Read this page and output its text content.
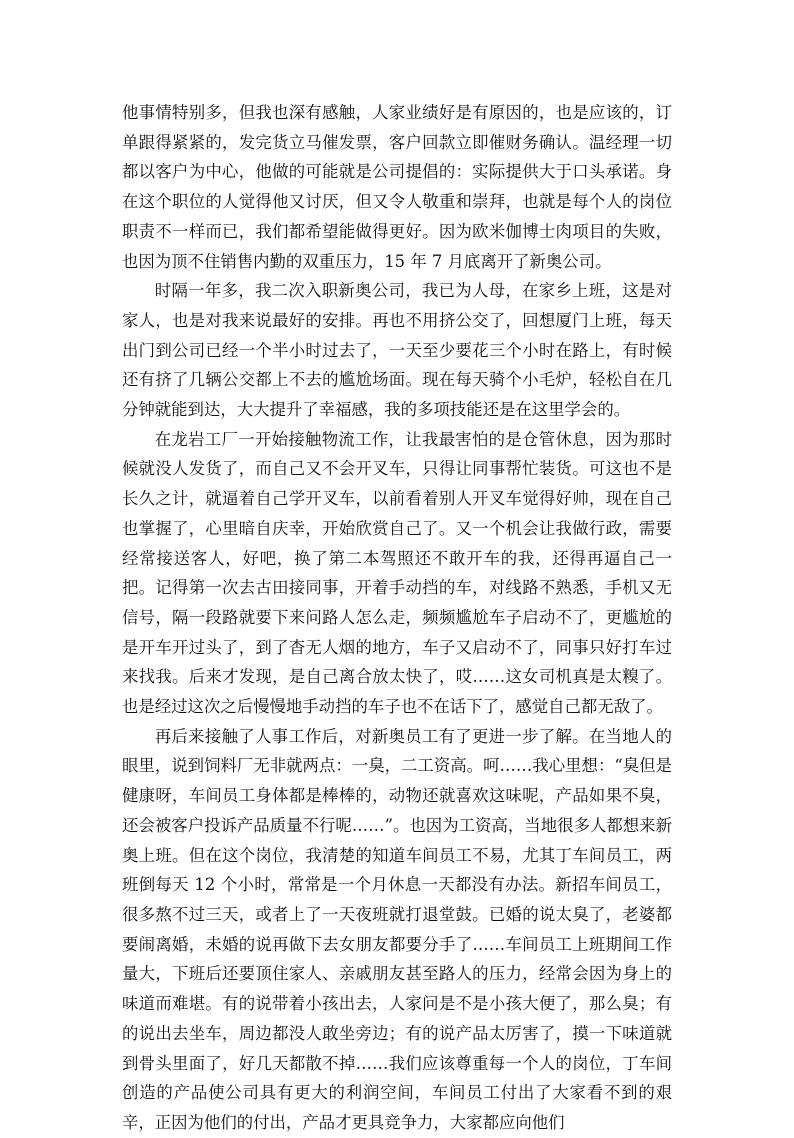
他事情特别多，但我也深有感触，人家业绩好是有原因的，也是应该的，订单跟得紧紧的，发完货立马催发票，客户回款立即催财务确认。温经理一切都以客户为中心，他做的可能就是公司提倡的：实际提供大于口头承诺。身在这个职位的人觉得他又讨厌，但又令人敬重和崇拜，也就是每个人的岗位职责不一样而已，我们都希望能做得更好。因为欧米伽博士肉项目的失败，也因为顶不住销售内勤的双重压力，15 年 7 月底离开了新奥公司。

时隔一年多，我二次入职新奥公司，我已为人母，在家乡上班，这是对家人，也是对我来说最好的安排。再也不用挤公交了，回想厦门上班，每天出门到公司已经一个半小时过去了，一天至少要花三个小时在路上，有时候还有挤了几辆公交都上不去的尴尬场面。现在每天骑个小毛炉，轻松自在几分钟就能到达，大大提升了幸福感，我的多项技能还是在这里学会的。

在龙岩工厂一开始接触物流工作，让我最害怕的是仓管休息，因为那时候就没人发货了，而自己又不会开叉车，只得让同事帮忙装货。可这也不是长久之计，就逼着自己学开叉车，以前看着别人开叉车觉得好帅，现在自己也掌握了，心里暗自庆幸，开始欣赏自己了。又一个机会让我做行政，需要经常接送客人，好吧，换了第二本驾照还不敢开车的我，还得再逼自己一把。记得第一次去古田接同事，开着手动挡的车，对线路不熟悉，手机又无信号，隔一段路就要下来问路人怎么走，频频尴尬车子启动不了，更尴尬的是开车开过头了，到了杳无人烟的地方，车子又启动不了，同事只好打车过来找我。后来才发现，是自己离合放太快了，哎……这女司机真是太糗了。也是经过这次之后慢慢地手动挡的车子也不在话下了，感觉自己都无敌了。

再后来接触了人事工作后，对新奥员工有了更进一步了解。在当地人的眼里，说到饲料厂无非就两点：一臭，二工资高。呵……我心里想：“臭但是健康呀，车间员工身体都是棒棒的，动物还就喜欢这味呢，产品如果不臭，还会被客户投诉产品质量不行呢……”。也因为工资高，当地很多人都想来新奥上班。但在这个岗位，我清楚的知道车间员工不易，尤其丁车间员工，两班倒每天 12 个小时，常常是一个月休息一天都没有办法。新招车间员工，很多熬不过三天，或者上了一天夜班就打退堂鼓。已婚的说太臭了，老婆都要闹离婚，未婚的说再做下去女朋友都要分手了……车间员工上班期间工作量大，下班后还要顶住家人、亲戚朋友甚至路人的压力，经常会因为身上的味道而难堪。有的说带着小孩出去，人家问是不是小孩大便了，那么臭；有的说出去坐车，周边都没人敢坐旁边；有的说产品太厉害了，摸一下味道就到骨头里面了，好几天都散不掉……我们应该尊重每一个人的岗位，丁车间创造的产品使公司具有更大的利润空间，车间员工付出了大家看不到的艰辛，正因为他们的付出，产品才更具竞争力，大家都应向他们
